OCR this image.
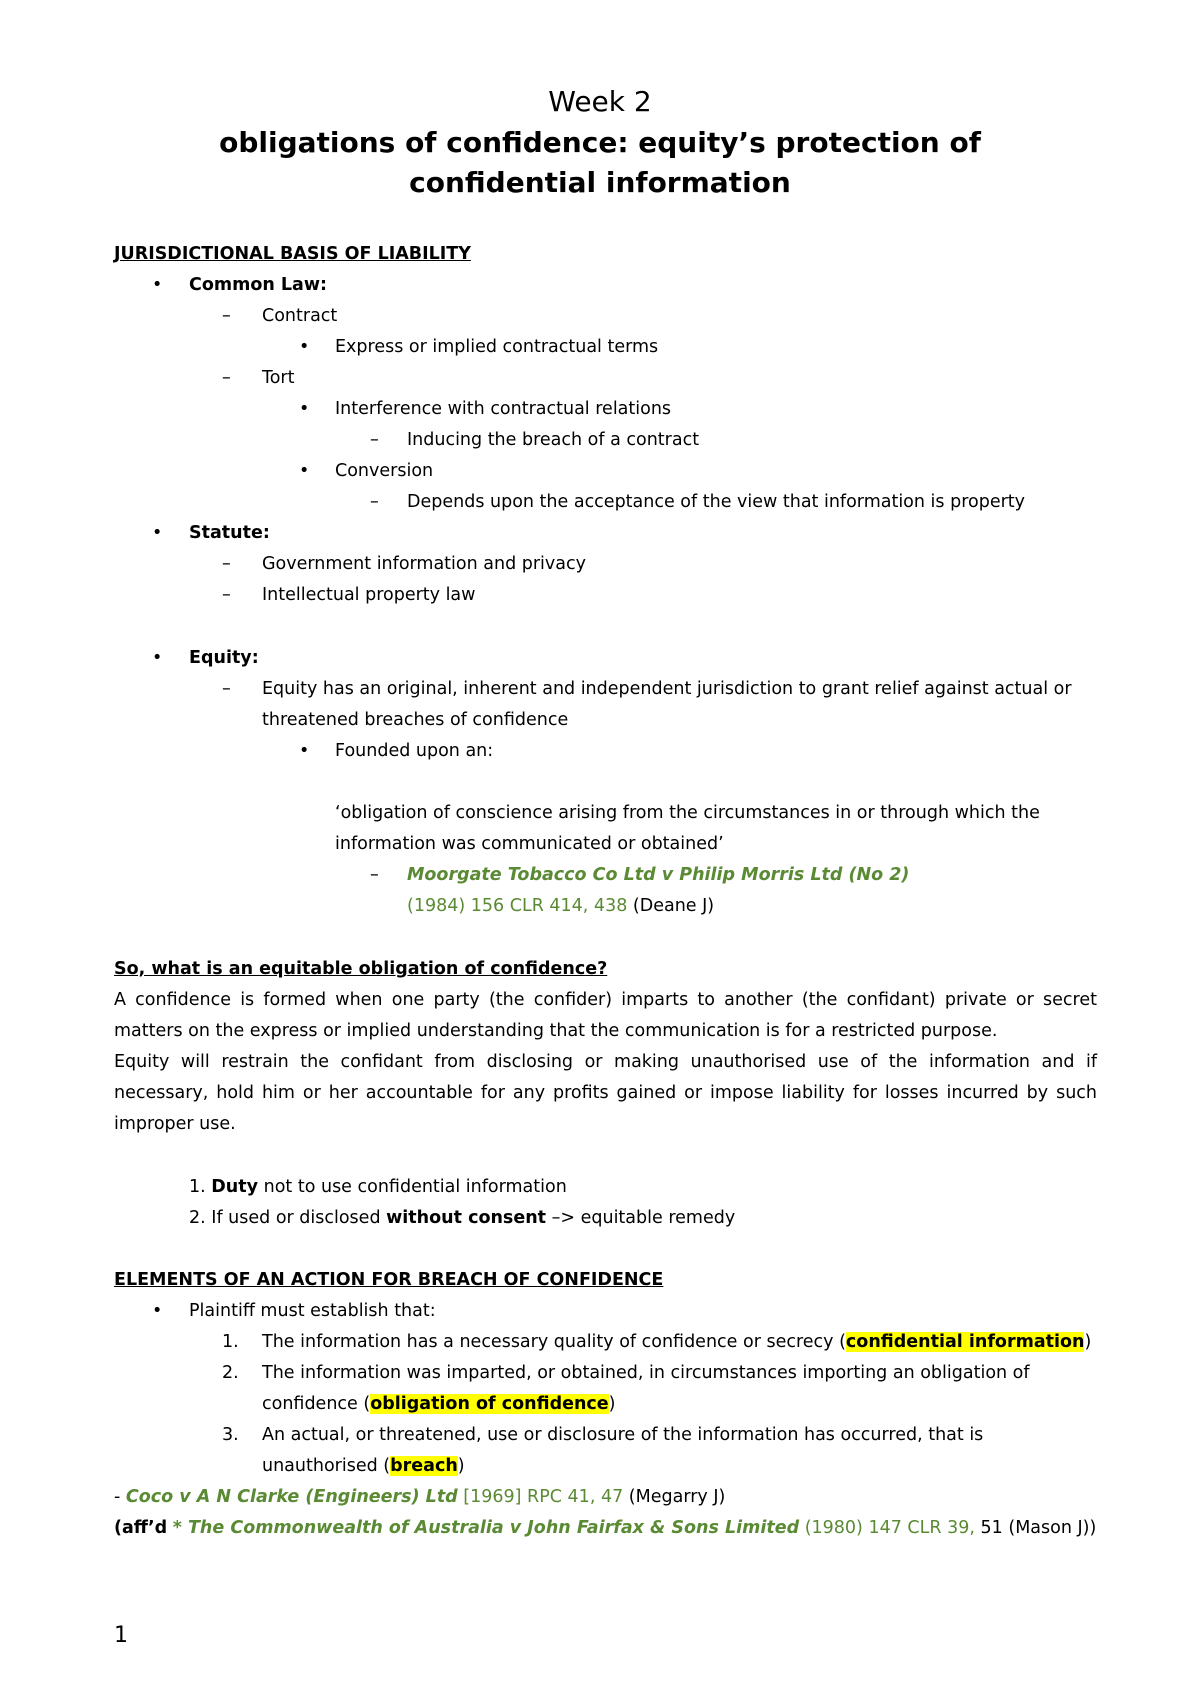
Week 2
obligations of confidence: equity’s protection of
confidential information
JURISDICTIONAL BASIS OF LIABILITY
• Common Law:
– Contract
• Express or implied contractual terms
– Tort
• Interference with contractual relations
– Inducing the breach of a contract
• Conversion
– Depends upon the acceptance of the view that information is property
• Statute:
– Government information and privacy
– Intellectual property law
• Equity:
– Equity has an original, inherent and independent jurisdiction to grant relief against actual or
threatened breaches of confidence
• Founded upon an:
‘obligation of conscience arising from the circumstances in or through which the
information was communicated or obtained’
– Moorgate Tobacco Co Ltd v Philip Morris Ltd (No 2)
(1984) 156 CLR 414, 438 (Deane J)
So, what is an equitable obligation of confidence?
A confidence is formed when one party (the confider) imparts to another (the confidant) private or secret
matters on the express or implied understanding that the communication is for a restricted purpose.
Equity will restrain the confidant from disclosing or making unauthorised use of the information and if
necessary, hold him or her accountable for any profits gained or impose liability for losses incurred by such
improper use.
1. Duty not to use confidential information
2. If used or disclosed without consent –> equitable remedy
ELEMENTS OF AN ACTION FOR BREACH OF CONFIDENCE
• Plaintiff must establish that:
1. The information has a necessary quality of confidence or secrecy (confidential information)
2. The information was imparted, or obtained, in circumstances importing an obligation of
confidence (obligation of confidence)
3. An actual, or threatened, use or disclosure of the information has occurred, that is
unauthorised (breach)
- Coco v A N Clarke (Engineers) Ltd [1969] RPC 41, 47 (Megarry J)
(aff’d * The Commonwealth of Australia v John Fairfax & Sons Limited (1980) 147 CLR 39, 51 (Mason J))
1
